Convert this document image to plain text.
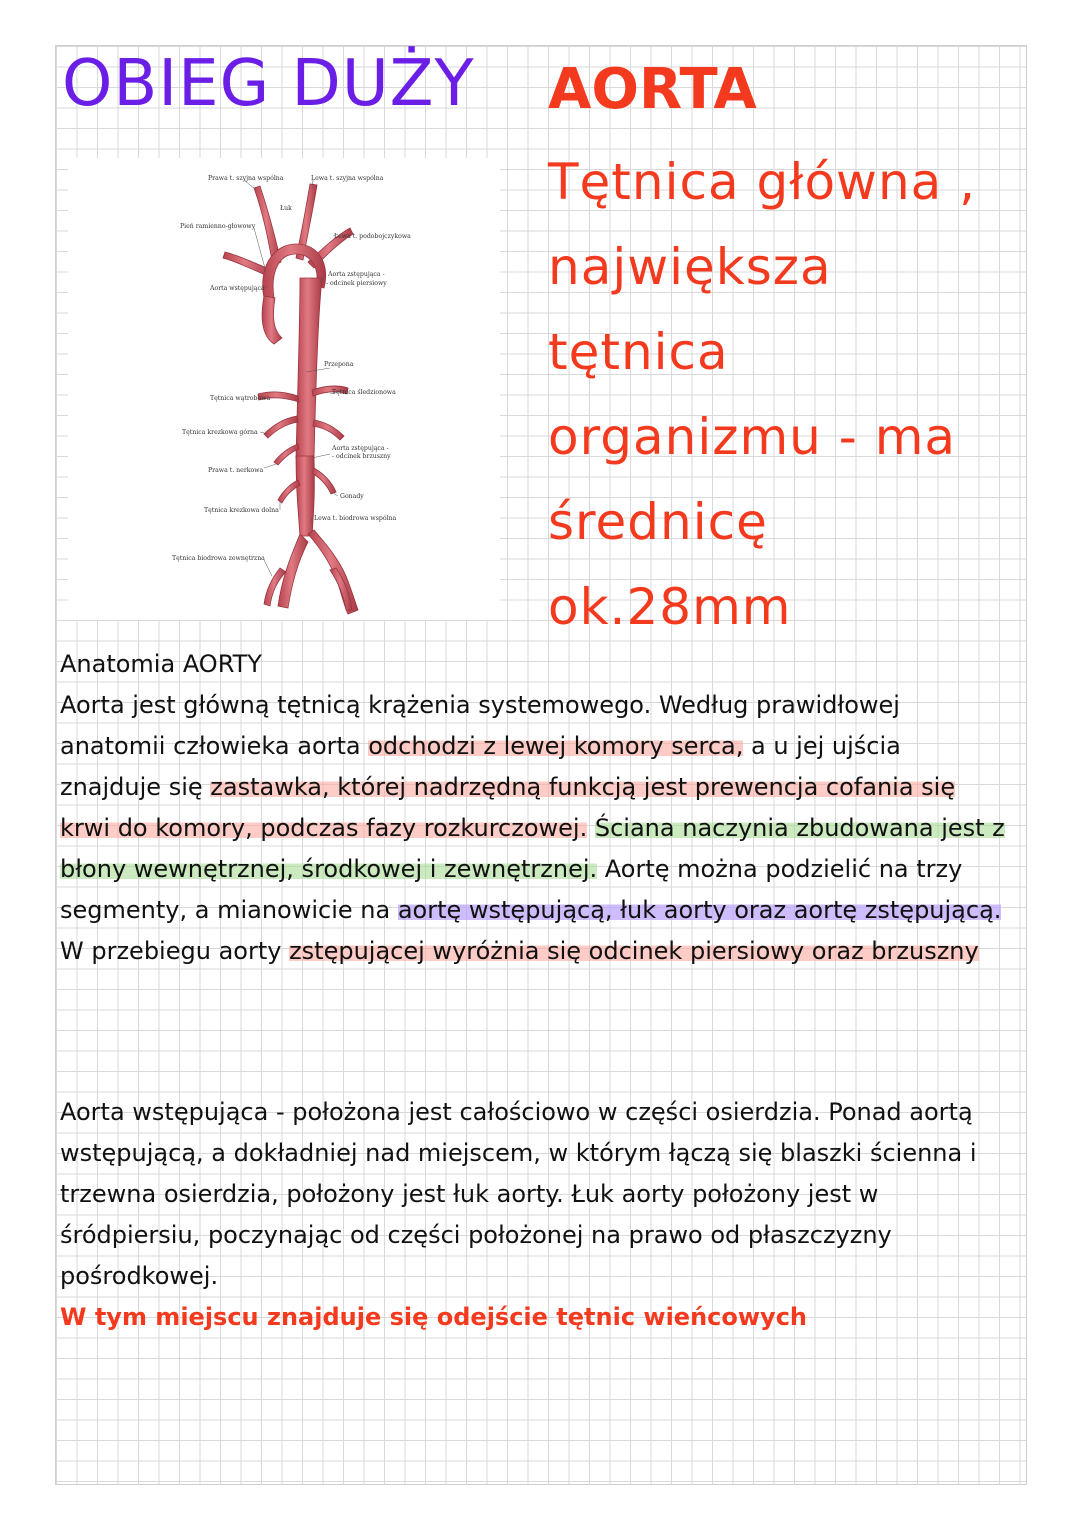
OBIEG DUŻY AORTA

Tętnica główna ,
największa
tętnica
organizmu - ma
średnicę ok.28mm

Prawa t. szyjna wspólna	Lewa t. szyjna wspólna
Łuk
Pień ramienno-głowowy
Lewa t. podobojczykowa
Aorta zstępująca -
- odcinek piersiowy
Aorta wstępująca
Przepona
Tętnica śledzionowa
Tętnica wątrobowa
Tętnica krezkowa górna
Aorta zstępująca -
- odcinek brzuszny
Prawa t. nerkowa
Gonady
Tętnica krezkowa dolna
Lewa t. biodrowa wspólna
Tętnica biodrowa zewnętrzna
Anatomia AORTY
Aorta jest główną tętnicą krążenia systemowego. Według prawidłowej anatomii człowieka aorta odchodzi z lewej komory serca, a u jej ujścia znajduje się zastawka, której nadrzędną funkcją jest prewencja cofania się krwi do komory, podczas fazy rozkurczowej. Ściana naczynia zbudowana jest z błony wewnętrznej, środkowej i zewnętrznej. Aortę można podzielić na trzy segmenty, a mianowicie na aortę wstępującą, łuk aorty oraz aortę zstępującą. W przebiegu aorty zstępującej wyróżnia się odcinek piersiowy oraz brzuszny
Aorta wstępująca - położona jest całościowo w części osierdzia. Ponad aortą wstępującą, a dokładniej nad miejscem, w którym łączą się blaszki ścienna i trzewna osierdzia, położony jest łuk aorty. Łuk aorty położony jest w śródpiersiu, poczynając od części położonej na prawo od płaszczyzny pośrodkowej.
W tym miejscu znajduje się odejście tętnic wieńcowych
